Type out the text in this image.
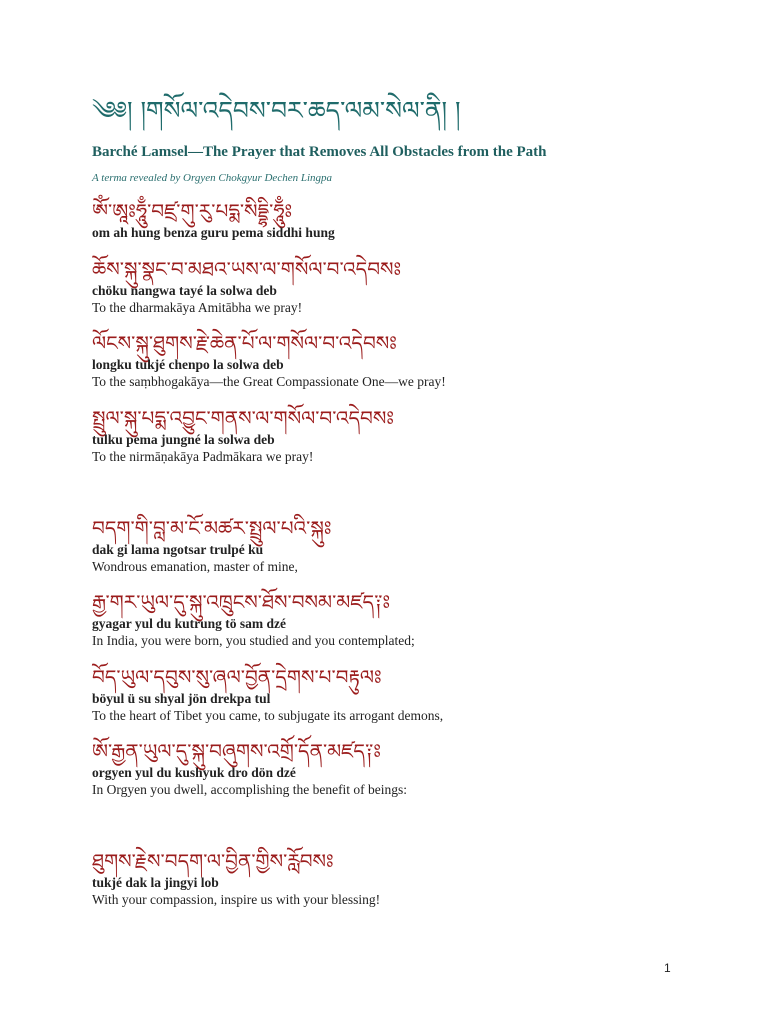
༄༅། །གསོལ་འདེབས་བར་ཆད་ལམ་སེལ་ནི། །
Barché Lamsel—The Prayer that Removes All Obstacles from the Path
A terma revealed by Orgyen Chokgyur Dechen Lingpa
ཨོཾ་ཨཱཿཧཱུྃ་བཛྲ་གུ་རུ་པདྨ་སིདྡྷི་ཧཱུྃཿ
om ah hung benza guru pema siddhi hung
ཆོས་སྐུ་སྣང་བ་མཐའ་ཡས་ལ་གསོལ་བ་འདེབསཿ
chöku nangwa tayé la solwa deb
To the dharmakāya Amitābha we pray!
ལོངས་སྐུ་ཐུགས་རྗེ་ཆེན་པོ་ལ་གསོལ་བ་འདེབསཿ
longku tukjé chenpo la solwa deb
To the saṃbhogakāya—the Great Compassionate One—we pray!
སྤྲུལ་སྐུ་པདྨ་འབྱུང་གནས་ལ་གསོལ་བ་འདེབསཿ
tulku pema jungné la solwa deb
To the nirmāṇakāya Padmākara we pray!
བདག་གི་བླ་མ་ངོ་མཚར་སྤྲུལ་པའི་སྐུཿ
dak gi lama ngotsar trulpé ku
Wondrous emanation, master of mine,
རྒྱ་གར་ཡུལ་དུ་སྐུ་འཁྲུངས་ཐོས་བསམ་མཛད༑ཿ
gyagar yul du kutrung tö sam dzé
In India, you were born, you studied and you contemplated;
བོད་ཡུལ་དབུས་སུ་ཞལ་བྱོན་དྲེགས་པ་བརྟུལཿ
böyul ü su shyal jön drekpa tul
To the heart of Tibet you came, to subjugate its arrogant demons,
ཨོ་རྒྱན་ཡུལ་དུ་སྐུ་བཞུགས་འགྲོ་དོན་མཛད༑ཿ
orgyen yul du kushyuk dro dön dzé
In Orgyen you dwell, accomplishing the benefit of beings:
ཐུགས་རྗེས་བདག་ལ་བྱིན་གྱིས་རློབསཿ
tukjé dak la jingyi lob
With your compassion, inspire us with your blessing!
1
